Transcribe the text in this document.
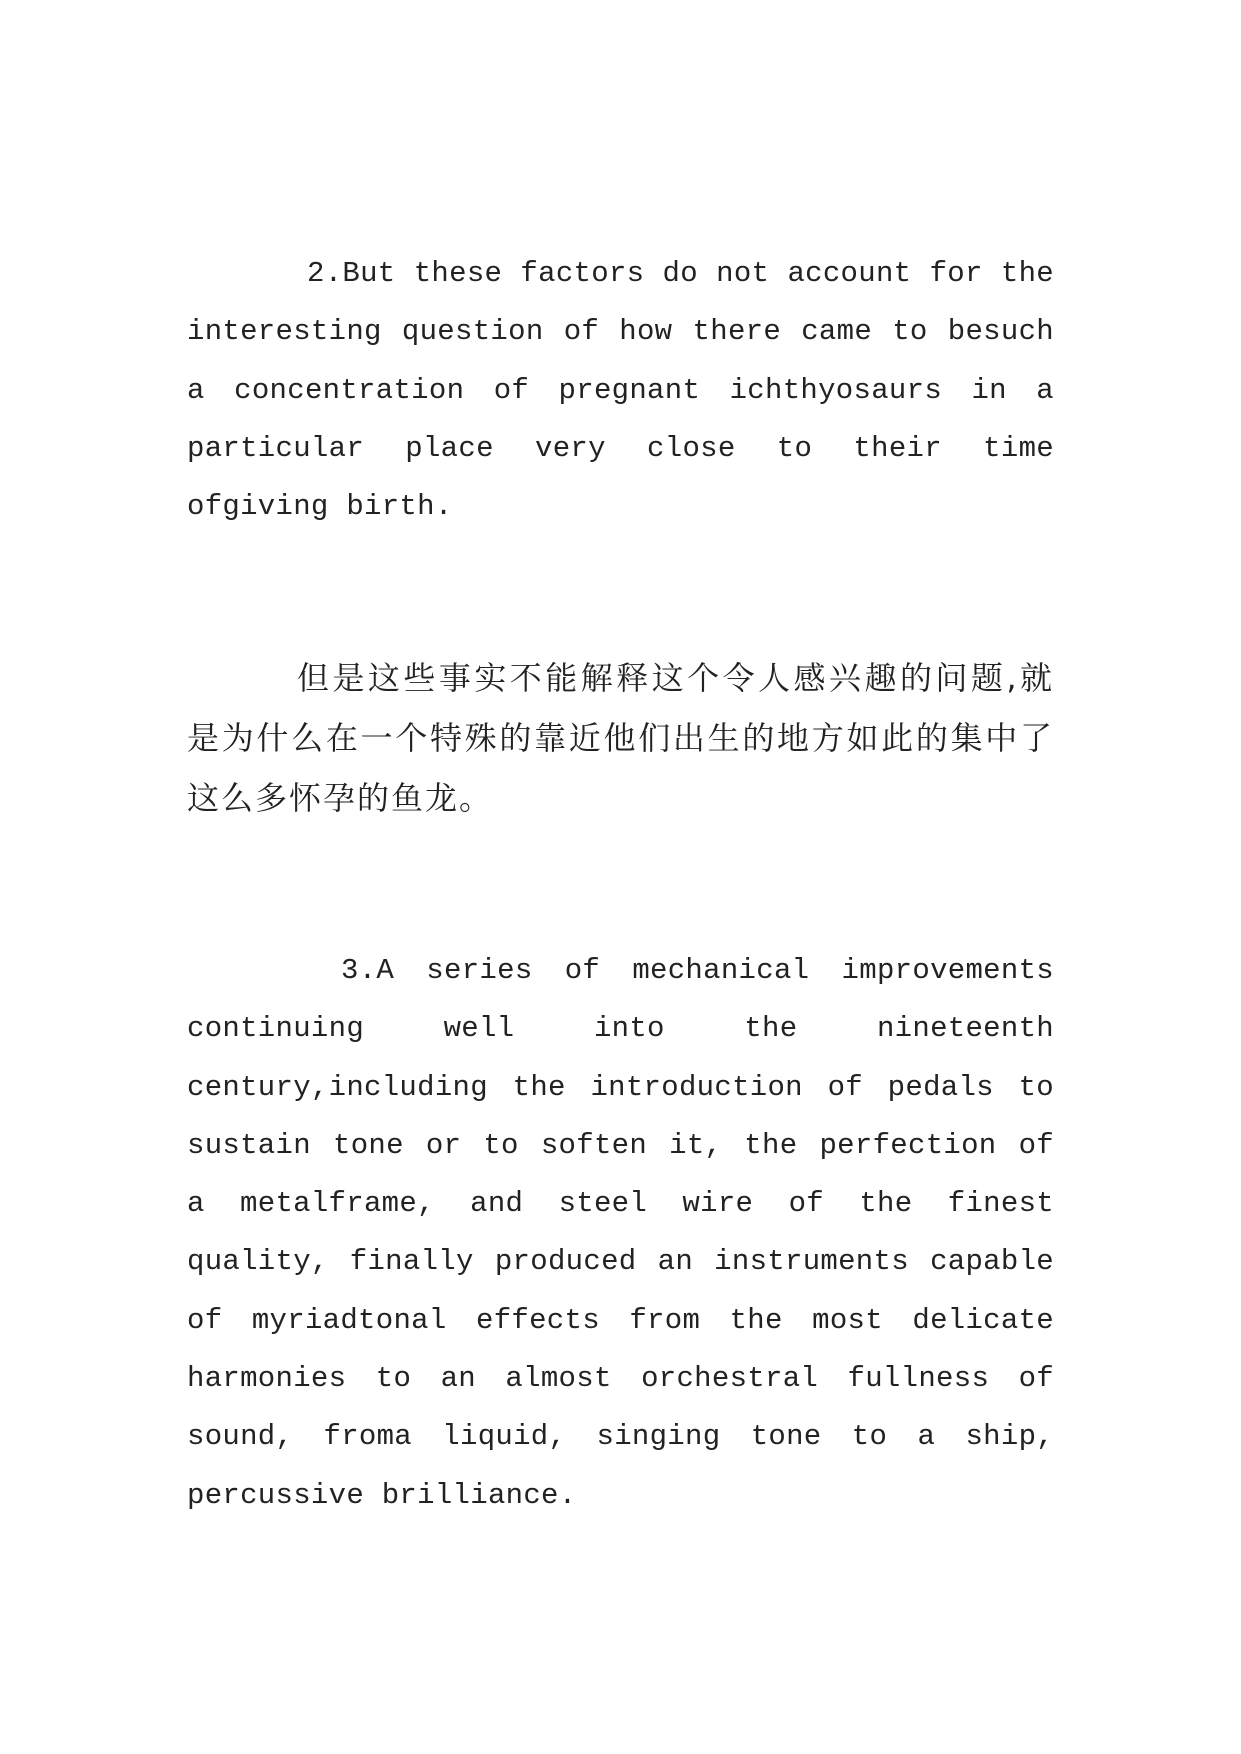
2.But these factors do not account for the interesting question of how there came to besuch a concentration of pregnant ichthyosaurs in a particular place very close to their time ofgiving birth.

但是这些事实不能解释这个令人感兴趣的问题,就是为什么在一个特殊的靠近他们出生的地方如此的集中了这么多怀孕的鱼龙。

3.A series of mechanical improvements continuing well into the nineteenth century,including the introduction of pedals to sustain tone or to soften it, the perfection of a metalframe, and steel wire of the finest quality, finally produced an instruments capable of myriadtonal effects from the most delicate harmonies to an almost orchestral fullness of sound, froma liquid, singing tone to a ship, percussive brilliance.
